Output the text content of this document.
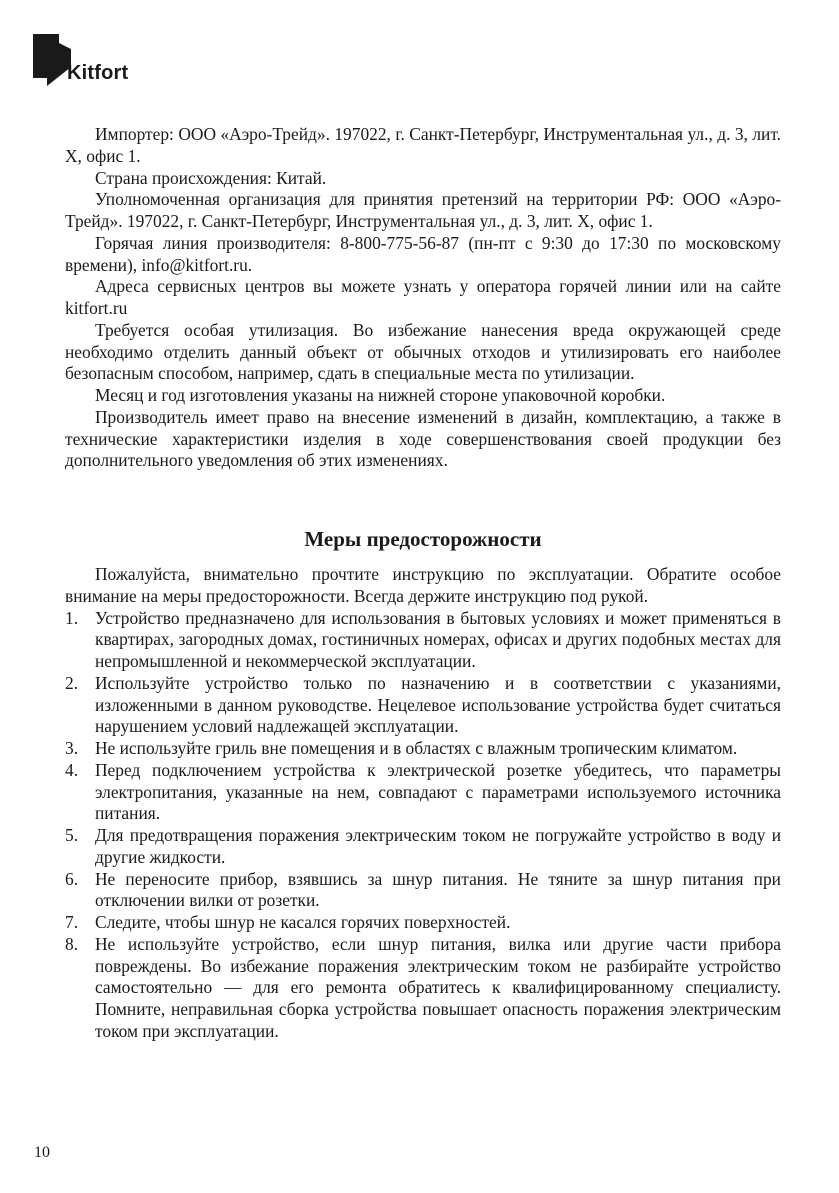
Kitfort

Импортер: ООО «Аэро-Трейд». 197022, г. Санкт-Петербург, Инструментальная ул., д. 3, лит. Х, офис 1.

Страна происхождения: Китай.

Уполномоченная организация для принятия претензий на территории РФ: ООО «Аэро-Трейд». 197022, г. Санкт-Петербург, Инструментальная ул., д. 3, лит. Х, офис 1.

Горячая линия производителя: 8-800-775-56-87 (пн-пт с 9:30 до 17:30 по московскому времени), info@kitfort.ru.

Адреса сервисных центров вы можете узнать у оператора горячей линии или на сайте kitfort.ru

Требуется особая утилизация. Во избежание нанесения вреда окружающей среде необходимо отделить данный объект от обычных отходов и утилизировать его наиболее безопасным способом, например, сдать в специальные места по утилизации.

Месяц и год изготовления указаны на нижней стороне упаковочной коробки.

Производитель имеет право на внесение изменений в дизайн, комплектацию, а также в технические характеристики изделия в ходе совершенствования своей продукции без дополнительного уведомления об этих изменениях.

Меры предосторожности

Пожалуйста, внимательно прочтите инструкцию по эксплуатации. Обратите особое внимание на меры предосторожности. Всегда держите инструкцию под рукой.

1. Устройство предназначено для использования в бытовых условиях и может применяться в квартирах, загородных домах, гостиничных номерах, офисах и других подобных местах для непромышленной и некоммерческой эксплуатации.
2. Используйте устройство только по назначению и в соответствии с указаниями, изложенными в данном руководстве. Нецелевое использование устройства будет считаться нарушением условий надлежащей эксплуатации.
3. Не используйте гриль вне помещения и в областях с влажным тропическим климатом.
4. Перед подключением устройства к электрической розетке убедитесь, что параметры электропитания, указанные на нем, совпадают с параметрами используемого источника питания.
5. Для предотвращения поражения электрическим током не погружайте устройство в воду и другие жидкости.
6. Не переносите прибор, взявшись за шнур питания. Не тяните за шнур питания при отключении вилки от розетки.
7. Следите, чтобы шнур не касался горячих поверхностей.
8. Не используйте устройство, если шнур питания, вилка или другие части прибора повреждены. Во избежание поражения электрическим током не разбирайте устройство самостоятельно — для его ремонта обратитесь к квалифицированному специалисту. Помните, неправильная сборка устройства повышает опасность поражения электрическим током при эксплуатации.
10
